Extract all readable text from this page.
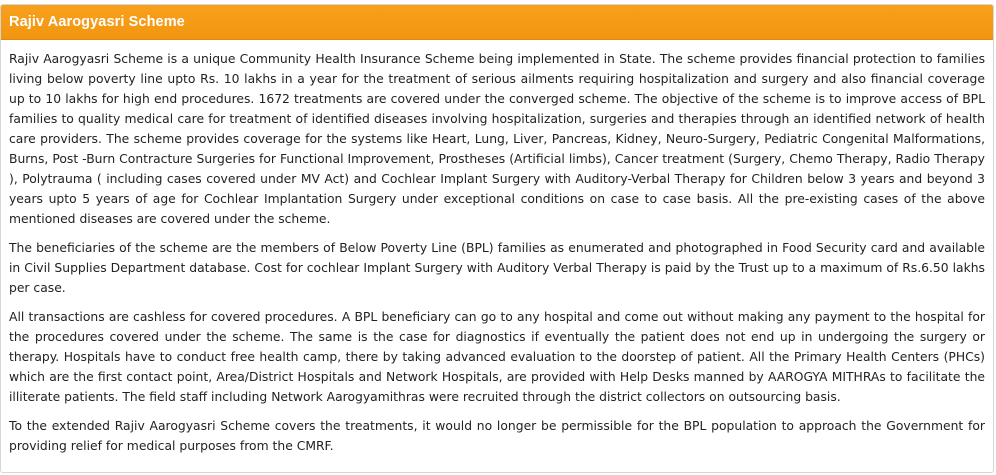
Rajiv Aarogyasri Scheme

Rajiv Aarogyasri Scheme is a unique Community Health Insurance Scheme being implemented in State. The scheme provides financial protection to families living below poverty line upto Rs. 10 lakhs in a year for the treatment of serious ailments requiring hospitalization and surgery and also financial coverage up to 10 lakhs for high end procedures. 1672 treatments are covered under the converged scheme. The objective of the scheme is to improve access of BPL families to quality medical care for treatment of identified diseases involving hospitalization, surgeries and therapies through an identified network of health care providers. The scheme provides coverage for the systems like Heart, Lung, Liver, Pancreas, Kidney, Neuro-Surgery, Pediatric Congenital Malformations, Burns, Post -Burn Contracture Surgeries for Functional Improvement, Prostheses (Artificial limbs), Cancer treatment (Surgery, Chemo Therapy, Radio Therapy ), Polytrauma ( including cases covered under MV Act) and Cochlear Implant Surgery with Auditory-Verbal Therapy for Children below 3 years and beyond 3 years upto 5 years of age for Cochlear Implantation Surgery under exceptional conditions on case to case basis. All the pre-existing cases of the above mentioned diseases are covered under the scheme.

The beneficiaries of the scheme are the members of Below Poverty Line (BPL) families as enumerated and photographed in Food Security card and available in Civil Supplies Department database. Cost for cochlear Implant Surgery with Auditory Verbal Therapy is paid by the Trust up to a maximum of Rs.6.50 lakhs per case.

All transactions are cashless for covered procedures. A BPL beneficiary can go to any hospital and come out without making any payment to the hospital for the procedures covered under the scheme. The same is the case for diagnostics if eventually the patient does not end up in undergoing the surgery or therapy. Hospitals have to conduct free health camp, there by taking advanced evaluation to the doorstep of patient. All the Primary Health Centers (PHCs) which are the first contact point, Area/District Hospitals and Network Hospitals, are provided with Help Desks manned by AAROGYA MITHRAs to facilitate the illiterate patients. The field staff including Network Aarogyamithras were recruited through the district collectors on outsourcing basis.

To the extended Rajiv Aarogyasri Scheme covers the treatments, it would no longer be permissible for the BPL population to approach the Government for providing relief for medical purposes from the CMRF.
